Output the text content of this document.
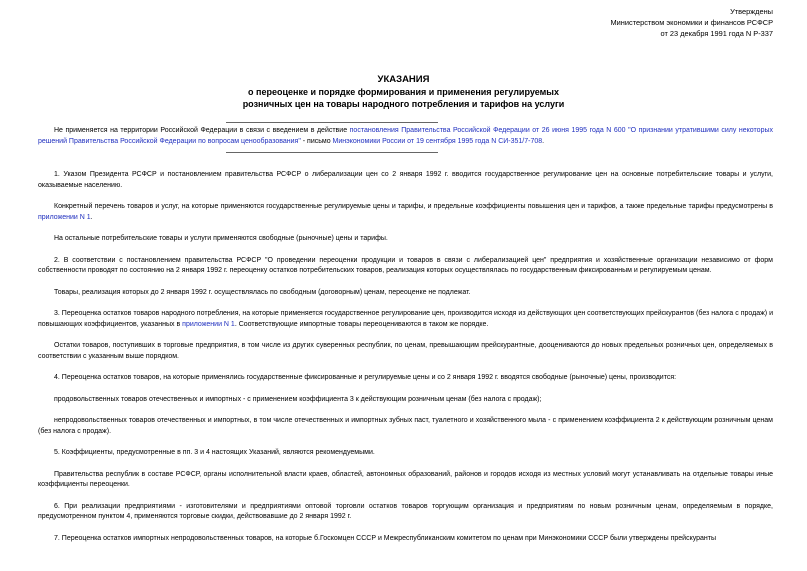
Утверждены
Министерством экономики и финансов РСФСР
от 23 декабря 1991 года N Р-337
УКАЗАНИЯ
о переоценке и порядке формирования и применения регулируемых
розничных цен на товары народного потребления и тарифов на услуги
Не применяется на территории Российской Федерации в связи с введением в действие постановления Правительства Российской Федерации от 26 июня 1995 года N 600 "О признании утратившими силу некоторых решений Правительства Российской Федерации по вопросам ценообразования" - письмо Минэкономики России от 19 сентября 1995 года N СИ-351/7-708.

1. Указом Президента РСФСР и постановлением правительства РСФСР о либерализации цен со 2 января 1992 г. вводится государственное регулирование цен на основные потребительские товары и услуги, оказываемые населению.

Конкретный перечень товаров и услуг, на которые применяются государственные регулируемые цены и тарифы, и предельные коэффициенты повышения цен и тарифов, а также предельные тарифы предусмотрены в приложении N 1.

На остальные потребительские товары и услуги применяются свободные (рыночные) цены и тарифы.

2. В соответствии с постановлением правительства РСФСР "О проведении переоценки продукции и товаров в связи с либерализацией цен" предприятия и хозяйственные организации независимо от форм собственности проводят по состоянию на 2 января 1992 г. переоценку остатков потребительских товаров, реализация которых осуществлялась по государственным фиксированным и регулируемым ценам.

Товары, реализация которых до 2 января 1992 г. осуществлялась по свободным (договорным) ценам, переоценке не подлежат.

3. Переоценка остатков товаров народного потребления, на которые применяется государственное регулирование цен, производится исходя из действующих цен соответствующих прейскурантов (без налога с продаж) и повышающих коэффициентов, указанных в приложении N 1. Соответствующие импортные товары переоцениваются в таком же порядке.

Остатки товаров, поступивших в торговые предприятия, в том числе из других суверенных республик, по ценам, превышающим прейскурантные, дооцениваются до новых предельных розничных цен, определяемых в соответствии с указанным выше порядком.

4. Переоценка остатков товаров, на которые применялись государственные фиксированные и регулируемые цены и со 2 января 1992 г. вводятся свободные (рыночные) цены, производится:

продовольственных товаров отечественных и импортных - с применением коэффициента 3 к действующим розничным ценам (без налога с продаж);

непродовольственных товаров отечественных и импортных, в том числе отечественных и импортных зубных паст, туалетного и хозяйственного мыла - с применением коэффициента 2 к действующим розничным ценам (без налога с продаж).

5. Коэффициенты, предусмотренные в пп. 3 и 4 настоящих Указаний, являются рекомендуемыми.

Правительства республик в составе РСФСР, органы исполнительной власти краев, областей, автономных образований, районов и городов исходя из местных условий могут устанавливать на отдельные товары иные коэффициенты переоценки.

6. При реализации предприятиями - изготовителями и предприятиями оптовой торговли остатков товаров торгующим организация и предприятиям по новым розничным ценам, определяемым в порядке, предусмотренном пунктом 4, применяются торговые скидки, действовавшие до 2 января 1992 г.

7. Переоценка остатков импортных непродовольственных товаров, на которые б.Госкомцен СССР и Межреспубликанским комитетом по ценам при Минэкономики СССР были утверждены прейскуранты
